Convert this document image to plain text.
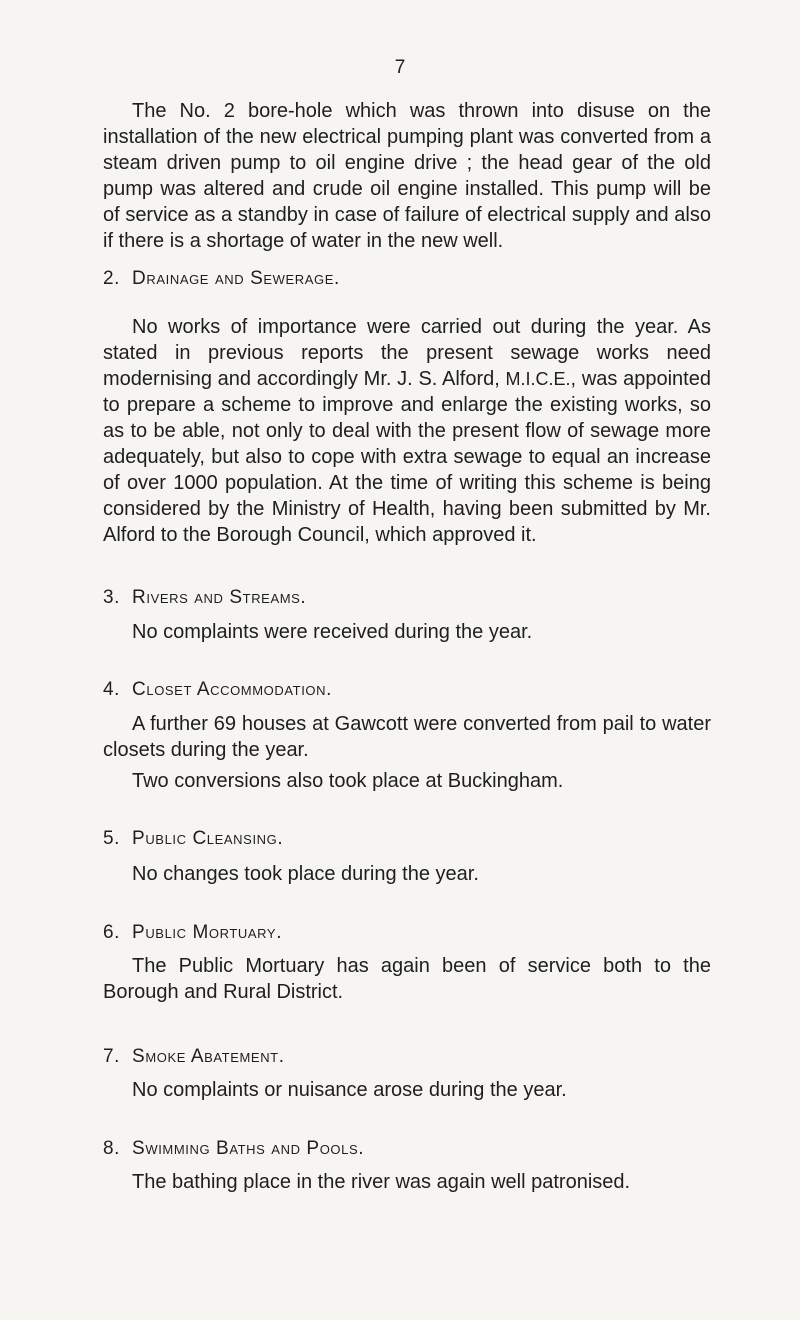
7

The No. 2 bore-hole which was thrown into disuse on the installation of the new electrical pumping plant was converted from a steam driven pump to oil engine drive ; the head gear of the old pump was altered and crude oil engine installed. This pump will be of service as a standby in case of failure of electrical supply and also if there is a shortage of water in the new well.

2. Drainage and Sewerage.

No works of importance were carried out during the year. As stated in previous reports the present sewage works need modernising and accordingly Mr. J. S. Alford, M.I.C.E., was appointed to prepare a scheme to improve and enlarge the existing works, so as to be able, not only to deal with the present flow of sewage more adequately, but also to cope with extra sewage to equal an increase of over 1000 population. At the time of writing this scheme is being considered by the Ministry of Health, having been submitted by Mr. Alford to the Borough Council, which approved it.

3. Rivers and Streams.

No complaints were received during the year.

4. Closet Accommodation.

A further 69 houses at Gawcott were converted from pail to water closets during the year.

Two conversions also took place at Buckingham.

5. Public Cleansing.

No changes took place during the year.

6. Public Mortuary.

The Public Mortuary has again been of service both to the Borough and Rural District.

7. Smoke Abatement.

No complaints or nuisance arose during the year.

8. Swimming Baths and Pools.

The bathing place in the river was again well patronised.
